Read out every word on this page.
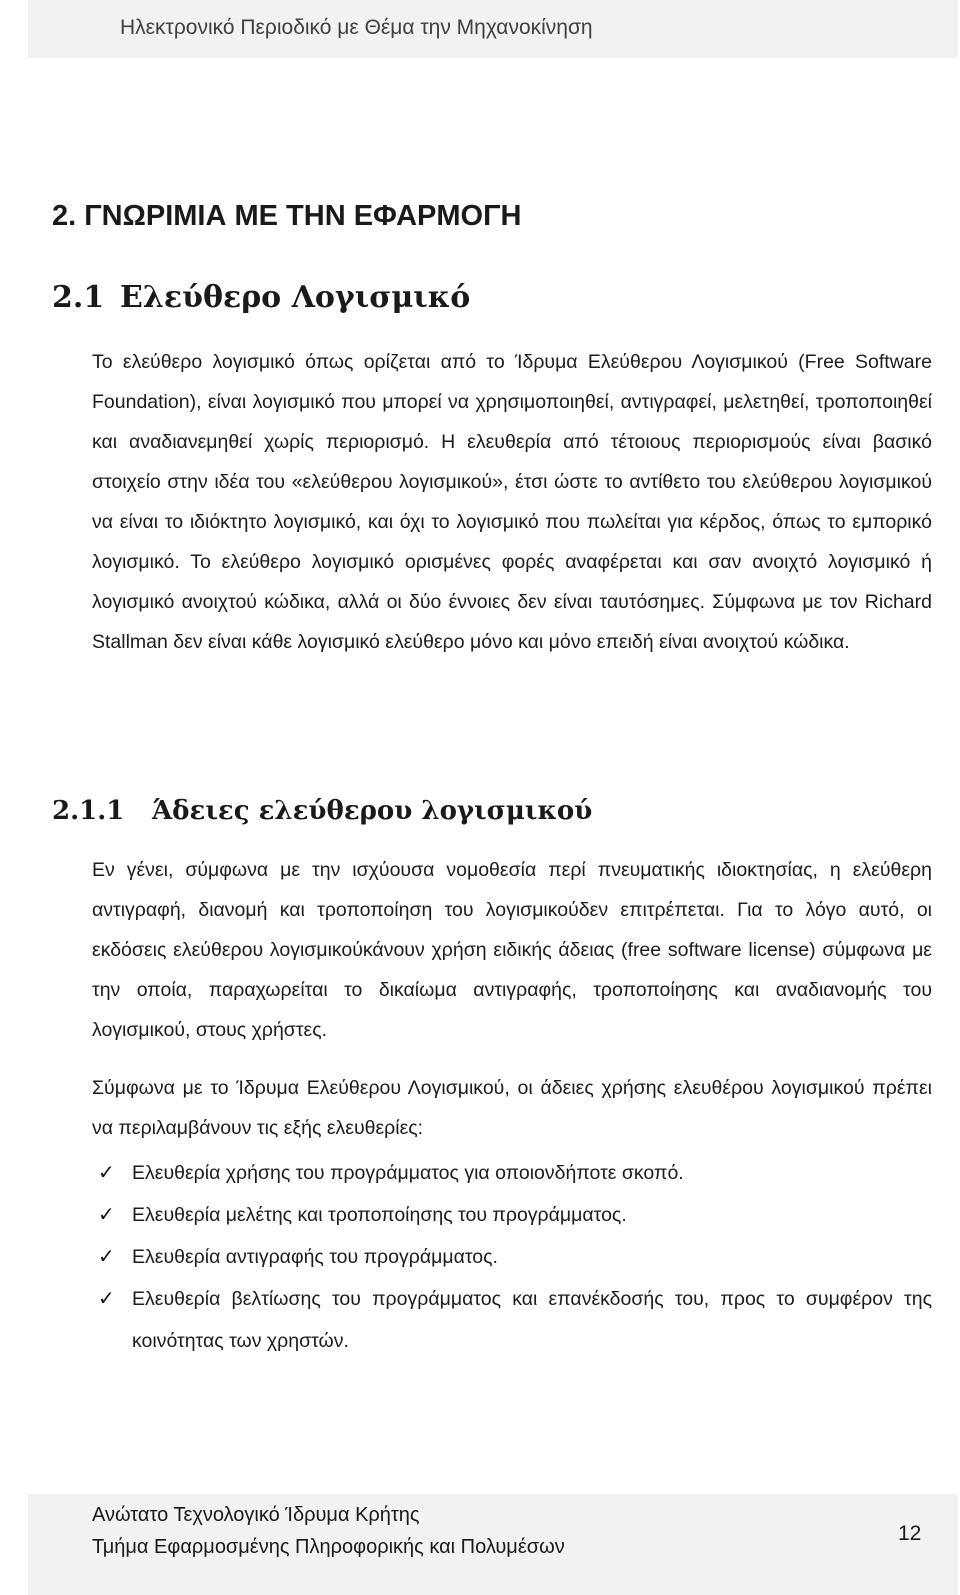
Ηλεκτρονικό Περιοδικό με Θέμα την Μηχανοκίνηση
2. ΓΝΩΡΙΜΙΑ ΜΕ ΤΗΝ ΕΦΑΡΜΟΓΗ
2.1 Ελεύθερο Λογισμικό

Το ελεύθερο λογισμικό όπως ορίζεται από το Ίδρυμα Ελεύθερου Λογισμικού (Free Software Foundation), είναι λογισμικό που μπορεί να χρησιμοποιηθεί, αντιγραφεί, μελετηθεί, τροποποιηθεί και αναδιανεμηθεί χωρίς περιορισμό. Η ελευθερία από τέτοιους περιορισμούς είναι βασικό στοιχείο στην ιδέα του «ελεύθερου λογισμικού», έτσι ώστε το αντίθετο του ελεύθερου λογισμικού να είναι το ιδιόκτητο λογισμικό, και όχι το λογισμικό που πωλείται για κέρδος, όπως το εμπορικό λογισμικό. Το ελεύθερο λογισμικό ορισμένες φορές αναφέρεται και σαν ανοιχτό λογισμικό ή λογισμικό ανοιχτού κώδικα, αλλά οι δύο έννοιες δεν είναι ταυτόσημες. Σύμφωνα με τον Richard Stallman δεν είναι κάθε λογισμικό ελεύθερο μόνο και μόνο επειδή είναι ανοιχτού κώδικα.

2.1.1 Άδειες ελεύθερου λογισμικού

Εν γένει, σύμφωνα με την ισχύουσα νομοθεσία περί πνευματικής ιδιοκτησίας, η ελεύθερη αντιγραφή, διανομή και τροποποίηση του λογισμικούδεν επιτρέπεται. Για το λόγο αυτό, οι εκδόσεις ελεύθερου λογισμικούκάνουν χρήση ειδικής άδειας (free software license) σύμφωνα με την οποία, παραχωρείται το δικαίωμα αντιγραφής, τροποποίησης και αναδιανομής του λογισμικού, στους χρήστες.

Σύμφωνα με το Ίδρυμα Ελεύθερου Λογισμικού, οι άδειες χρήσης ελευθέρου λογισμικού πρέπει να περιλαμβάνουν τις εξής ελευθερίες:

✓ Ελευθερία χρήσης του προγράμματος για οποιονδήποτε σκοπό.
✓ Ελευθερία μελέτης και τροποποίησης του προγράμματος.
✓ Ελευθερία αντιγραφής του προγράμματος.
✓ Ελευθερία βελτίωσης του προγράμματος και επανέκδοσής του, προς το συμφέρον της κοινότητας των χρηστών.
Ανώτατο Τεχνολογικό Ίδρυμα Κρήτης
Τμήμα Εφαρμοσμένης Πληροφορικής και Πολυμέσων
12
